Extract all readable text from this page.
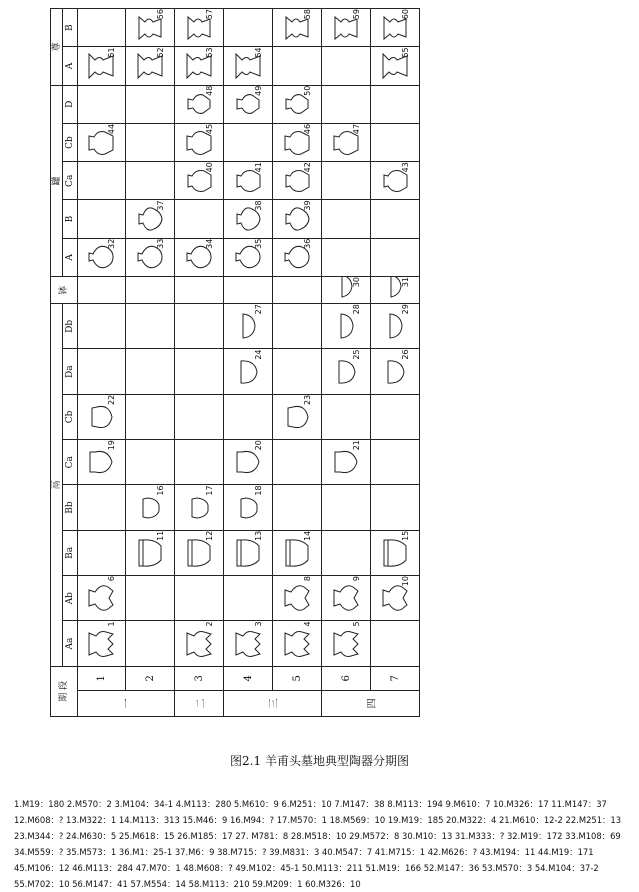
期 段		鬲								钵	罐					尊	
		Aa	Ab	Ba	Bb	Ca	Cb	Da	Db		A	B	Ca	Cb	D	A	B
一	1	1	6			19	22				32			44		51	

	2			11	16						33	37				52	56

二	3	2		12	17						34		40	45	48	53	57

三	4	3		13	18	20		24	27		35	38	41		49	54	

	5	4	8	14			23				36	39	42	46	50		58

四	6	5	9			21		25	28	30				47			59

	7		10	15				26	29	31			43			55	60
图2.1 羊甫头墓地典型陶器分期图
1.M19：180 2.M570：2 3.M104：34-1 4.M113：280 5.M610：9 6.M251：10 7.M147：38 8.M113：194 9.M610：7 10.M326：17 11.M147：37
12.M608：? 13.M322：1 14.M113：313 15.M46：9 16.M94：? 17.M570：1 18.M569：10 19.M19：185 20.M322：4 21.M610：12-2 22.M251：13
23.M344：? 24.M630：5 25.M618：15 26.M185：17 27. M781：8 28.M518：10 29.M572：8 30.M10：13 31.M333：? 32.M19：172 33.M108：69
34.M559：? 35.M573：1 36.M1：25-1 37.M6：9 38.M715：? 39.M831：3 40.M547：7 41.M715：1 42.M626：? 43.M194：11 44.M19：171
45.M106：12 46.M113：284 47.M70：1 48.M608：? 49.M102：45-1 50.M113：211 51.M19：166 52.M147：36 53.M570：3 54.M104：37-2
55.M702：10 56.M147：41 57.M554：14 58.M113：210 59.M209：1 60.M326：10
